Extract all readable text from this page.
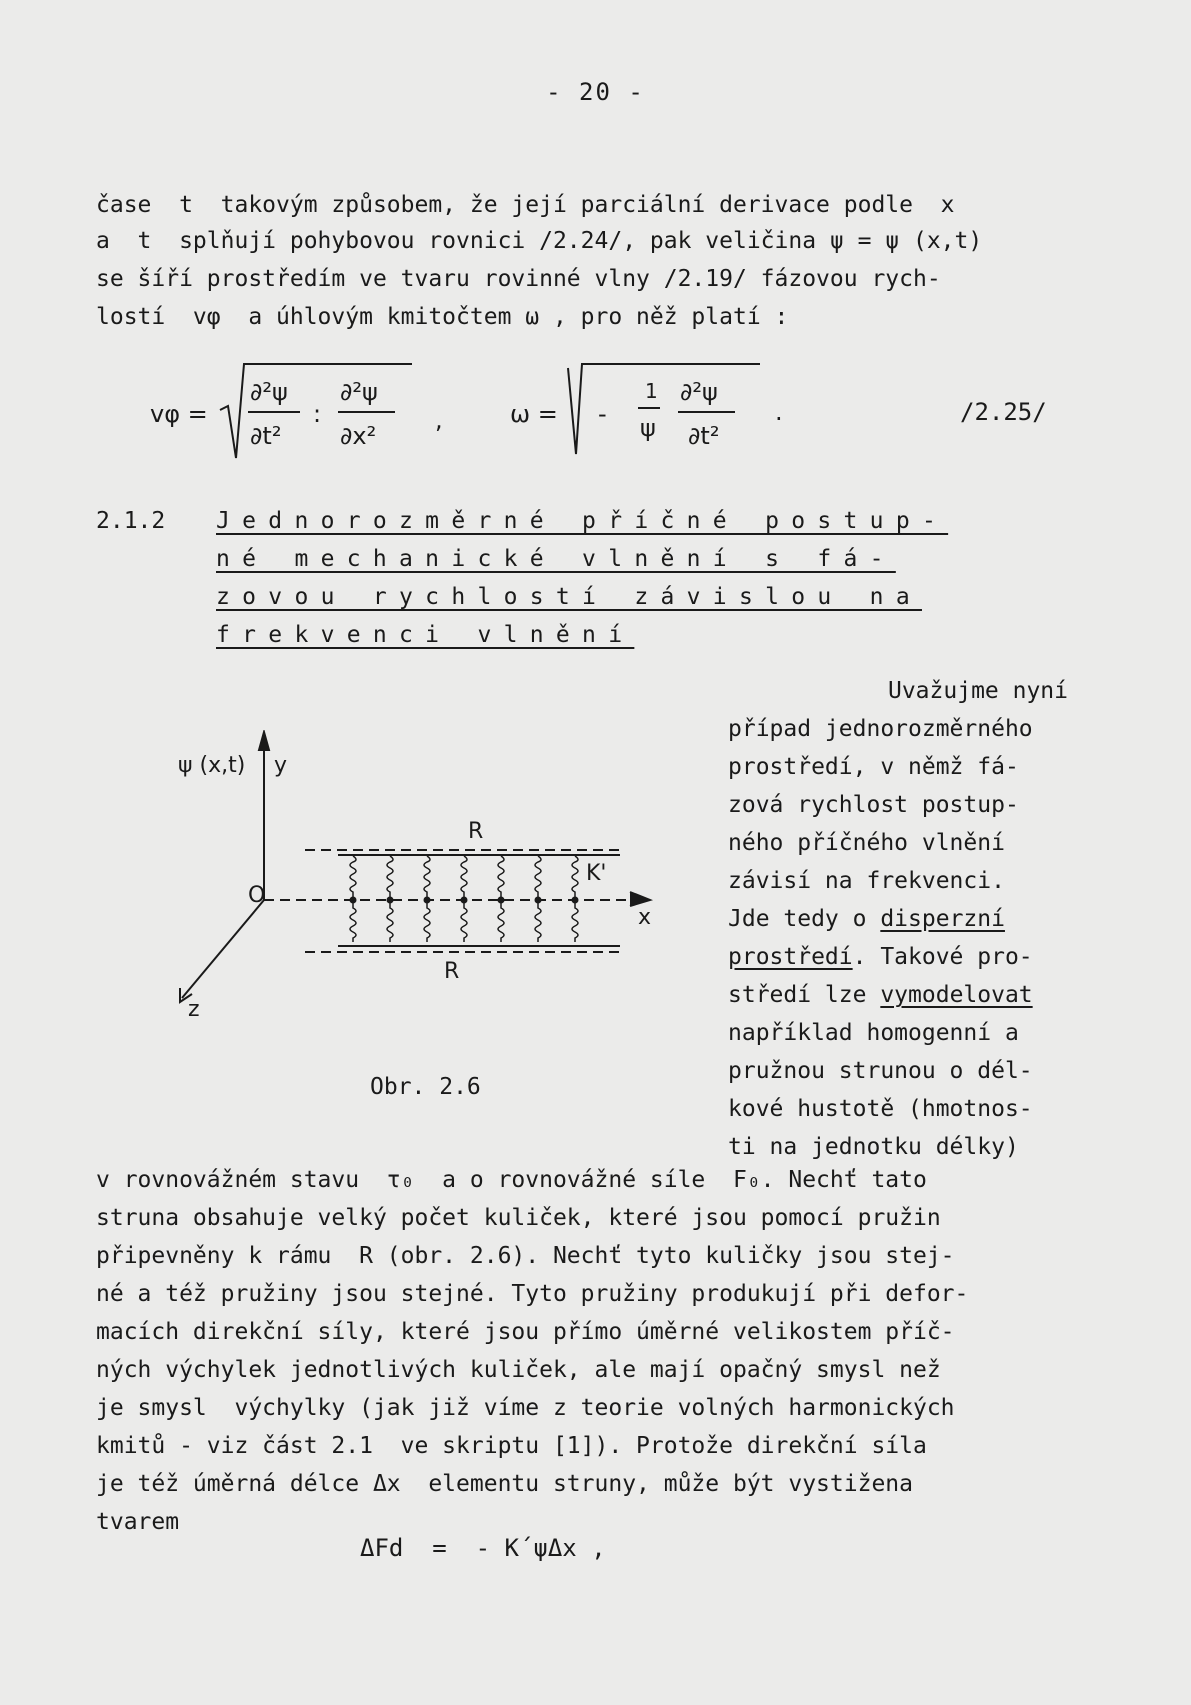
- 20 -
čase  t  takovým způsobem, že její parciální derivace podle  x
a  t  splňují pohybovou rovnici /2.24/, pak veličina ψ = ψ (x,t)
se šíří prostředím ve tvaru rovinné vlny /2.19/ fázovou rych-
lostí  vφ  a úhlovým kmitočtem ω , pro něž platí :
vφ =
∂²ψ
∂t²
:
∂²ψ
∂x²
,	ω = -
1
ψ
∂²ψ
∂t²
.	/2.25/
2.1.2 Jednorozměrné příčné postup-
né mechanické vlnění s fá-
zovou rychlostí závislou na
frekvenci vlnění
Uvažujme nyní
případ jednorozměrného
prostředí, v němž fá-
zová rychlost postup-
ného příčného vlnění
závisí na frekvenci.
Jde tedy o disperzní
prostředí. Takové pro-
středí lze vymodelovat
například homogenní a
pružnou strunou o dél-
kové hustotě (hmotnos-
ti na jednotku délky)
ψ (x,t) y
R
R
K'
O
x
z
Obr. 2.6
v rovnovážném stavu  τ₀  a o rovnovážné síle  F₀. Nechť tato
struna obsahuje velký počet kuliček, které jsou pomocí pružin
připevněny k rámu  R (obr. 2.6). Nechť tyto kuličky jsou stej-
né a též pružiny jsou stejné. Tyto pružiny produkují při defor-
macích direkční síly, které jsou přímo úměrné velikostem příč-
ných výchylek jednotlivých kuliček, ale mají opačný smysl než
je smysl  výchylky (jak již víme z teorie volných harmonických
kmitů - viz část 2.1  ve skriptu [1]). Protože direkční síla
je též úměrná délce Δx  elementu struny, může být vystižena
tvarem
ΔFd  =  - K´ψΔx ,
